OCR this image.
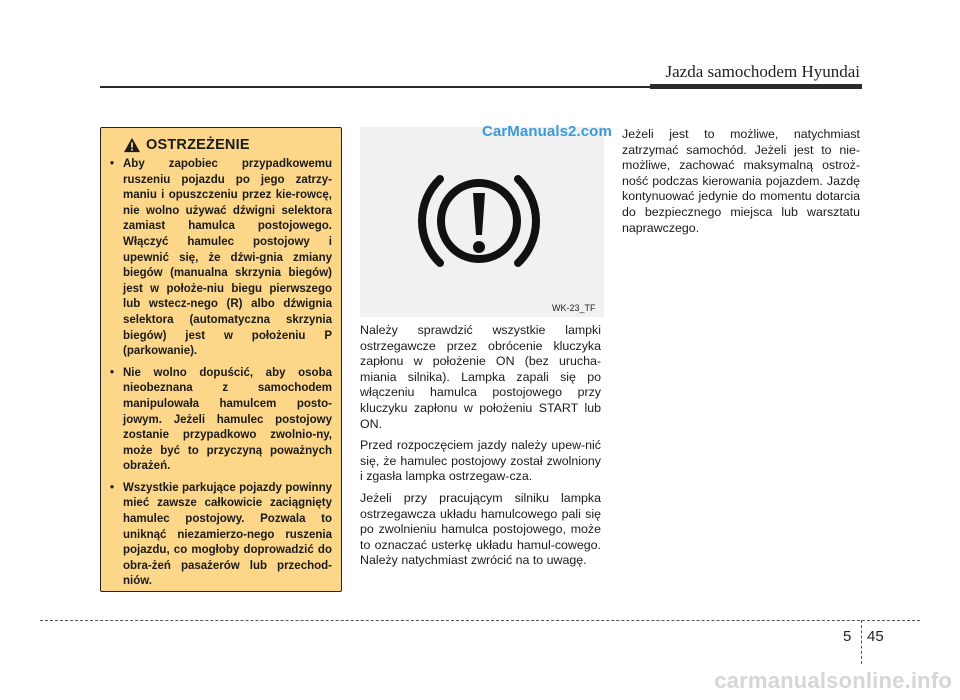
Jazda samochodem Hyundai
OSTRZEŻENIE
• Aby zapobiec przypadkowemu ruszeniu pojazdu po jego zatrzy-maniu i opuszczeniu przez kie-rowcę, nie wolno używać dźwigni selektora zamiast hamulca postojowego. Włączyć hamulec postojowy i upewnić się, że dźwi-gnia zmiany biegów (manualna skrzynia biegów) jest w położe-niu biegu pierwszego lub wstecz-nego (R) albo dźwignia selektora (automatyczna skrzynia biegów) jest w położeniu P (parkowanie).
• Nie wolno dopuścić, aby osoba nieobeznana z samochodem manipulowała hamulcem posto-jowym. Jeżeli hamulec postojowy zostanie przypadkowo zwolnio-ny, może być to przyczyną poważnych obrażeń.
• Wszystkie parkujące pojazdy powinny mieć zawsze całkowicie zaciągnięty hamulec postojowy. Pozwala to uniknąć niezamierzo-nego ruszenia pojazdu, co mogłoby doprowadzić do obra-żeń pasażerów lub przechod-niów.
CarManuals2.com
WK-23_TF

Należy sprawdzić wszystkie lampki ostrzegawcze przez obrócenie kluczyka zapłonu w położenie ON (bez urucha-miania silnika). Lampka zapali się po włączeniu hamulca postojowego przy kluczyku zapłonu w położeniu START lub ON.

Przed rozpoczęciem jazdy należy upew-nić się, że hamulec postojowy został zwolniony i zgasła lampka ostrzegaw-cza.

Jeżeli przy pracującym silniku lampka ostrzegawcza układu hamulcowego pali się po zwolnieniu hamulca postojowego, może to oznaczać usterkę układu hamul-cowego. Należy natychmiast zwrócić na to uwagę.

Jeżeli jest to możliwe, natychmiast zatrzymać samochód. Jeżeli jest to nie-możliwe, zachować maksymalną ostroż-ność podczas kierowania pojazdem. Jazdę kontynuować jedynie do momentu dotarcia do bezpiecznego miejsca lub warsztatu naprawczego.

5 45
carmanualsonline.info
